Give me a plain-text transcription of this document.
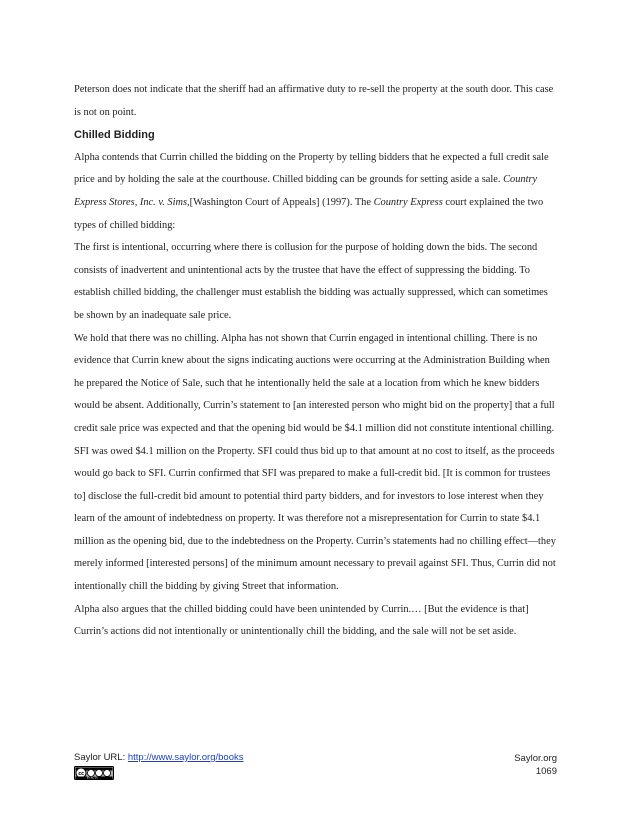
Peterson does not indicate that the sheriff had an affirmative duty to re-sell the property at the south door. This case is not on point.

Chilled Bidding

Alpha contends that Currin chilled the bidding on the Property by telling bidders that he expected a full credit sale price and by holding the sale at the courthouse. Chilled bidding can be grounds for setting aside a sale. Country Express Stores, Inc. v. Sims,[Washington Court of Appeals] (1997). The Country Express court explained the two types of chilled bidding:

The first is intentional, occurring where there is collusion for the purpose of holding down the bids. The second consists of inadvertent and unintentional acts by the trustee that have the effect of suppressing the bidding. To establish chilled bidding, the challenger must establish the bidding was actually suppressed, which can sometimes be shown by an inadequate sale price.

We hold that there was no chilling. Alpha has not shown that Currin engaged in intentional chilling. There is no evidence that Currin knew about the signs indicating auctions were occurring at the Administration Building when he prepared the Notice of Sale, such that he intentionally held the sale at a location from which he knew bidders would be absent. Additionally, Currin’s statement to [an interested person who might bid on the property] that a full credit sale price was expected and that the opening bid would be $4.1 million did not constitute intentional chilling. SFI was owed $4.1 million on the Property. SFI could thus bid up to that amount at no cost to itself, as the proceeds would go back to SFI. Currin confirmed that SFI was prepared to make a full-credit bid. [It is common for trustees to] disclose the full-credit bid amount to potential third party bidders, and for investors to lose interest when they learn of the amount of indebtedness on property. It was therefore not a misrepresentation for Currin to state $4.1 million as the opening bid, due to the indebtedness on the Property. Currin’s statements had no chilling effect—they merely informed [interested persons] of the minimum amount necessary to prevail against SFI. Thus, Currin did not intentionally chill the bidding by giving Street that information.

Alpha also argues that the chilled bidding could have been unintended by Currin.… [But the evidence is that] Currin’s actions did not intentionally or unintentionally chill the bidding, and the sale will not be set aside.

Saylor URL: http://www.saylor.org/books
cc
BY NC SA
Saylor.org
1069
